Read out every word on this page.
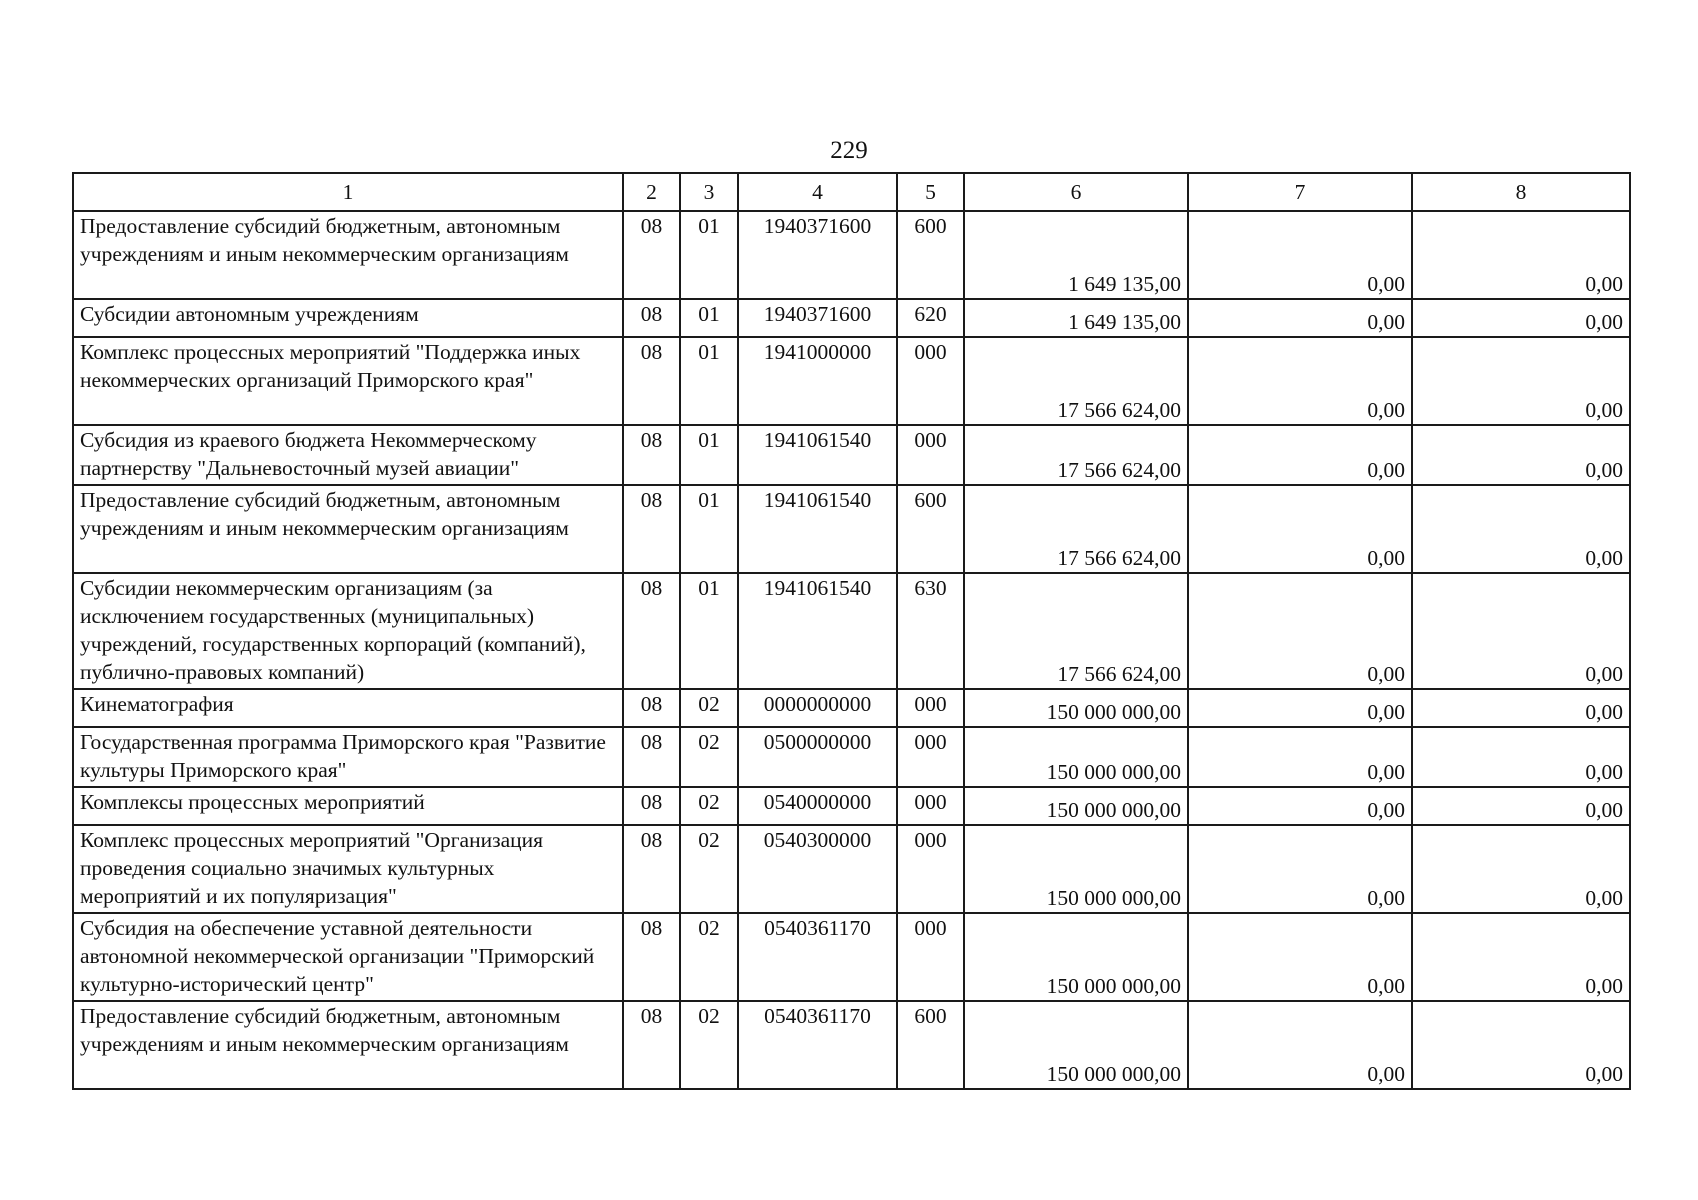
229
1	2	3	4	5	6	7	8
Предоставление субсидий бюджетным, автономным учреждениям и иным некоммерческим организациям	08	01	1940371600	600	1 649 135,00	0,00	0,00
Субсидии автономным учреждениям	08	01	1940371600	620	1 649 135,00	0,00	0,00
Комплекс процессных мероприятий "Поддержка иных некоммерческих организаций Приморского края"	08	01	1941000000	000	17 566 624,00	0,00	0,00
Субсидия из краевого бюджета Некоммерческому партнерству "Дальневосточный музей авиации"	08	01	1941061540	000	17 566 624,00	0,00	0,00
Предоставление субсидий бюджетным, автономным учреждениям и иным некоммерческим организациям	08	01	1941061540	600	17 566 624,00	0,00	0,00
Субсидии некоммерческим организациям (за исключением государственных (муниципальных) учреждений, государственных корпораций (компаний), публично-правовых компаний)	08	01	1941061540	630	17 566 624,00	0,00	0,00
Кинематография	08	02	0000000000	000	150 000 000,00	0,00	0,00
Государственная программа Приморского края "Развитие культуры Приморского края"	08	02	0500000000	000	150 000 000,00	0,00	0,00
Комплексы процессных мероприятий	08	02	0540000000	000	150 000 000,00	0,00	0,00
Комплекс процессных мероприятий "Организация проведения социально значимых культурных мероприятий и их популяризация"	08	02	0540300000	000	150 000 000,00	0,00	0,00
Субсидия на обеспечение уставной деятельности автономной некоммерческой организации "Приморский культурно-исторический центр"	08	02	0540361170	000	150 000 000,00	0,00	0,00
Предоставление субсидий бюджетным, автономным учреждениям и иным некоммерческим организациям	08	02	0540361170	600	150 000 000,00	0,00	0,00
